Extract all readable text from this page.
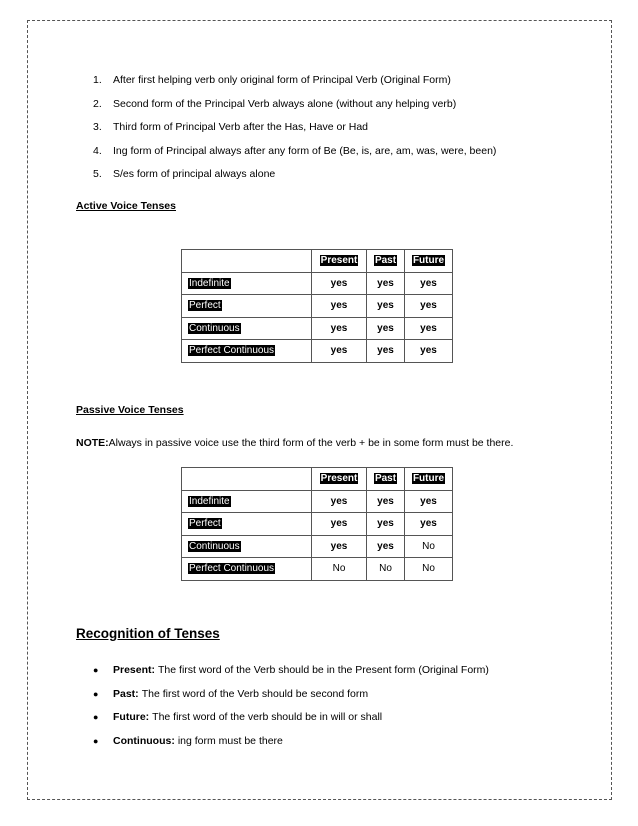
1.	After first helping verb only original form of Principal Verb (Original Form)
2.	Second form of the Principal Verb always alone (without any helping verb)
3.	Third form of Principal Verb after the Has, Have or Had
4.	Ing form of Principal always after any form of Be (Be, is, are, am, was, were, been)
5.	S/es form of principal always alone
Active Voice Tenses
	Present	Past	Future
Indefinite	yes	yes	yes
Perfect	yes	yes	yes
Continuous	yes	yes	yes
Perfect Continuous	yes	yes	yes
Passive Voice Tenses
NOTE:Always in passive voice use the third form of the verb + be in some form must be there.
	Present	Past	Future
Indefinite	yes	yes	yes
Perfect	yes	yes	yes
Continuous	yes	yes	No
Perfect Continuous	No	No	No
Recognition of Tenses
●	Present: The first word of the Verb should be in the Present form (Original Form)
●	Past: The first word of the Verb should be second form
●	Future: The first word of the verb should be in will or shall
●	Continuous: ing form must be there
